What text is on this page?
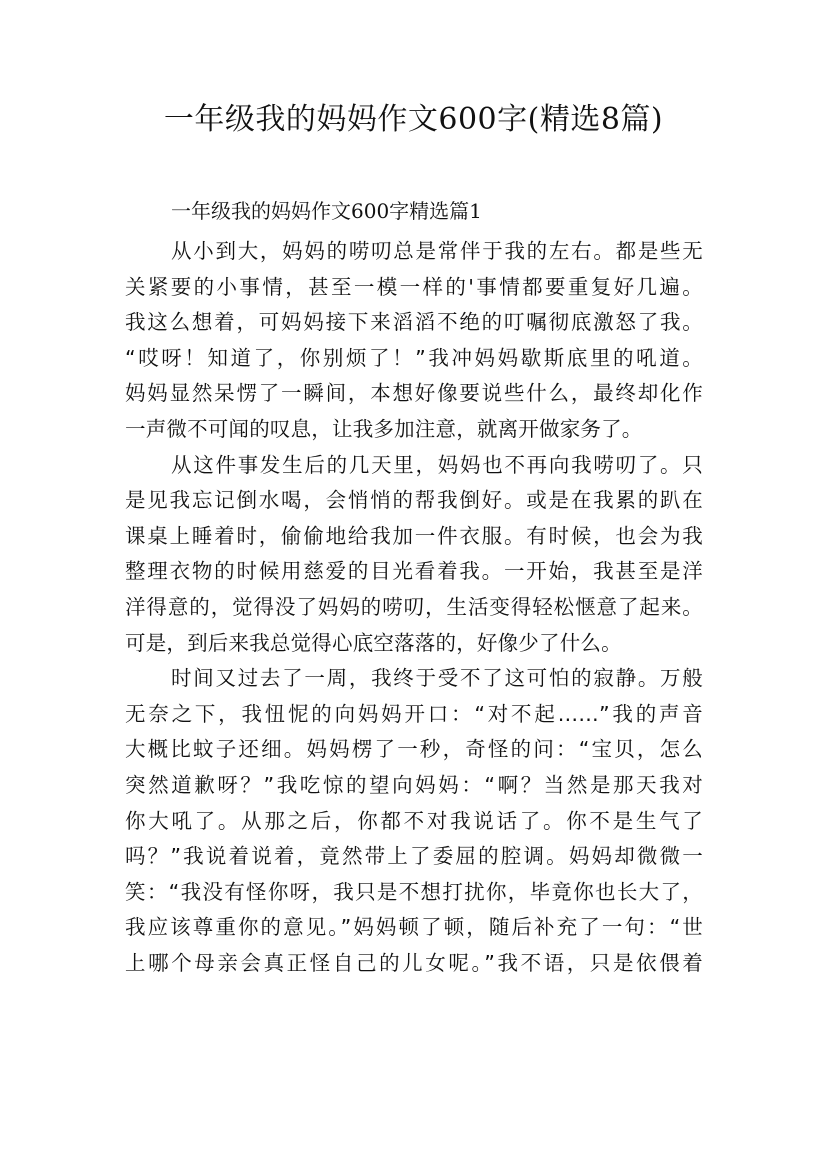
一年级我的妈妈作文600字(精选8篇)
一年级我的妈妈作文600字精选篇1
从小到大，妈妈的唠叨总是常伴于我的左右。都是些无
关紧要的小事情，甚至一模一样的'事情都要重复好几遍。
我这么想着，可妈妈接下来滔滔不绝的叮嘱彻底激怒了我。
“哎呀！知道了，你别烦了！”我冲妈妈歇斯底里的吼道。
妈妈显然呆愣了一瞬间，本想好像要说些什么，最终却化作
一声微不可闻的叹息，让我多加注意，就离开做家务了。
从这件事发生后的几天里，妈妈也不再向我唠叨了。只
是见我忘记倒水喝，会悄悄的帮我倒好。或是在我累的趴在
课桌上睡着时，偷偷地给我加一件衣服。有时候，也会为我
整理衣物的时候用慈爱的目光看着我。一开始，我甚至是洋
洋得意的，觉得没了妈妈的唠叨，生活变得轻松惬意了起来。
可是，到后来我总觉得心底空落落的，好像少了什么。
时间又过去了一周，我终于受不了这可怕的寂静。万般
无奈之下，我忸怩的向妈妈开口：“对不起……”我的声音
大概比蚊子还细。妈妈楞了一秒，奇怪的问：“宝贝，怎么
突然道歉呀？”我吃惊的望向妈妈：“啊？当然是那天我对
你大吼了。从那之后，你都不对我说话了。你不是生气了
吗？”我说着说着，竟然带上了委屈的腔调。妈妈却微微一
笑：“我没有怪你呀，我只是不想打扰你，毕竟你也长大了，
我应该尊重你的意见。”妈妈顿了顿，随后补充了一句：“世
上哪个母亲会真正怪自己的儿女呢。”我不语，只是依偎着
